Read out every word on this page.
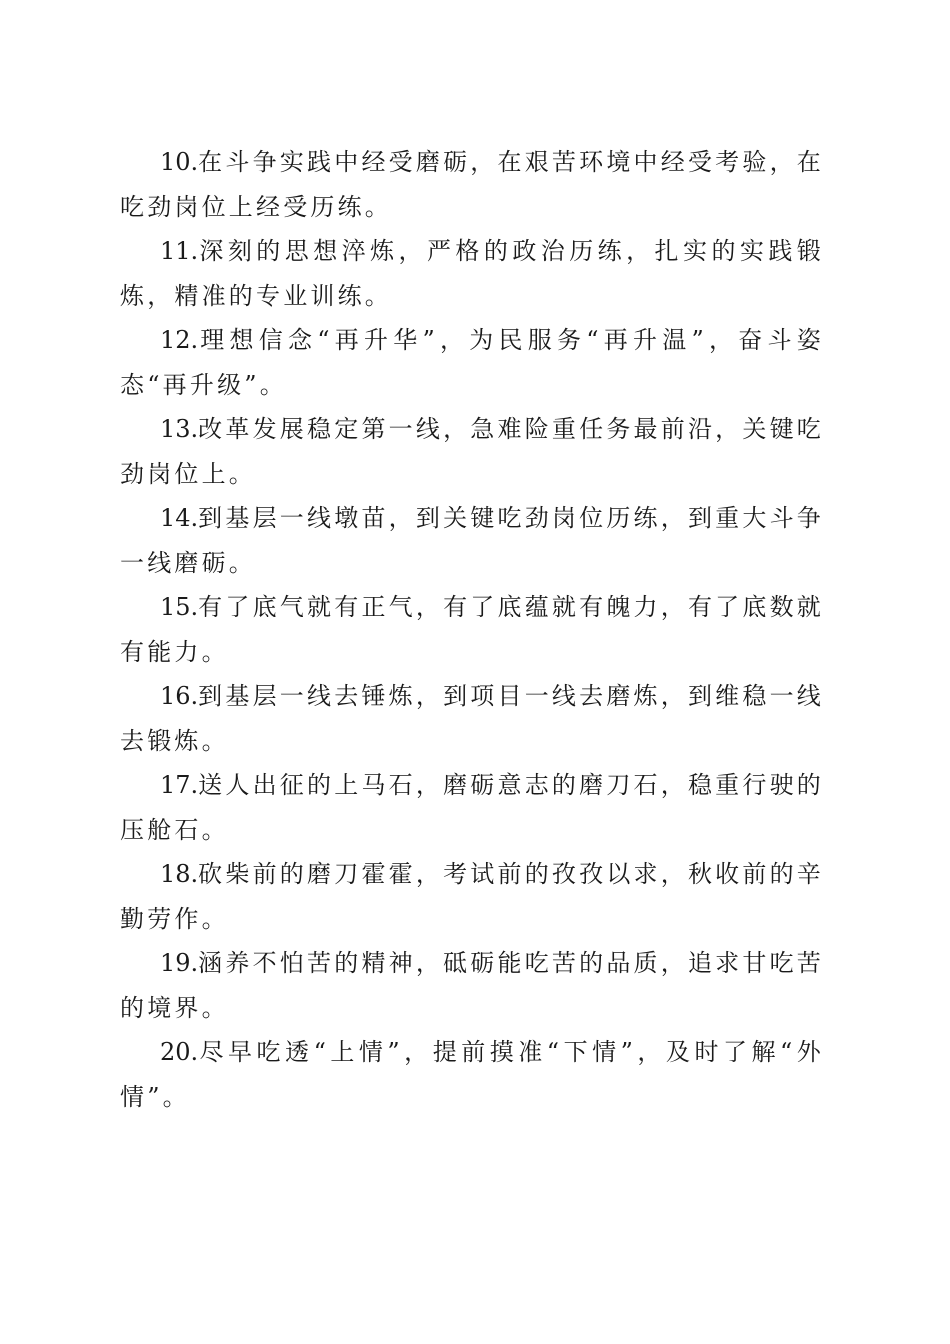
10.在斗争实践中经受磨砺，在艰苦环境中经受考验，在吃劲岗位上经受历练。

11.深刻的思想淬炼，严格的政治历练，扎实的实践锻炼，精准的专业训练。

12.理想信念“再升华”，为民服务“再升温”，奋斗姿态“再升级”。

13.改革发展稳定第一线，急难险重任务最前沿，关键吃劲岗位上。

14.到基层一线墩苗，到关键吃劲岗位历练，到重大斗争一线磨砺。

15.有了底气就有正气，有了底蕴就有魄力，有了底数就有能力。

16.到基层一线去锤炼，到项目一线去磨炼，到维稳一线去锻炼。

17.送人出征的上马石，磨砺意志的磨刀石，稳重行驶的压舱石。

18.砍柴前的磨刀霍霍，考试前的孜孜以求，秋收前的辛勤劳作。

19.涵养不怕苦的精神，砥砺能吃苦的品质，追求甘吃苦的境界。

20.尽早吃透“上情”，提前摸准“下情”，及时了解“外情”。
